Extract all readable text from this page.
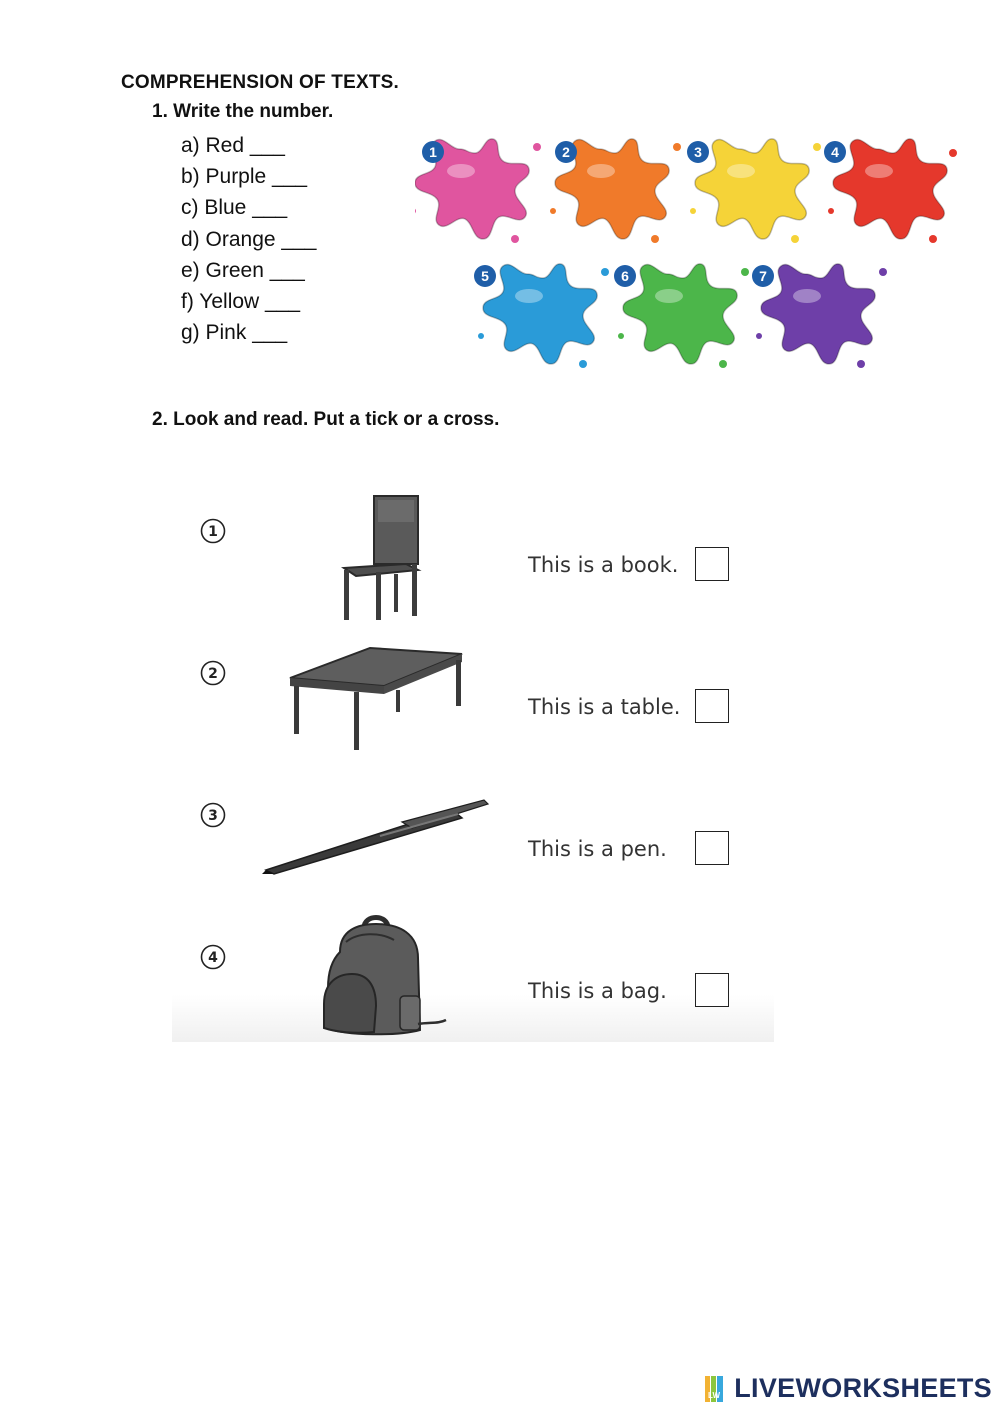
COMPREHENSION OF TEXTS.
1. Write the number.
a) Red ___
b) Purple ___
c) Blue ___
d) Orange ___
e) Green ___
f) Yellow ___
g) Pink ___
1	2	3	4
5	6	7
2. Look and read. Put a tick or a cross.
1
This is a book.
2
This is a table.
3
This is a pen.
4
This is a bag.
LW LIVEWORKSHEETS
